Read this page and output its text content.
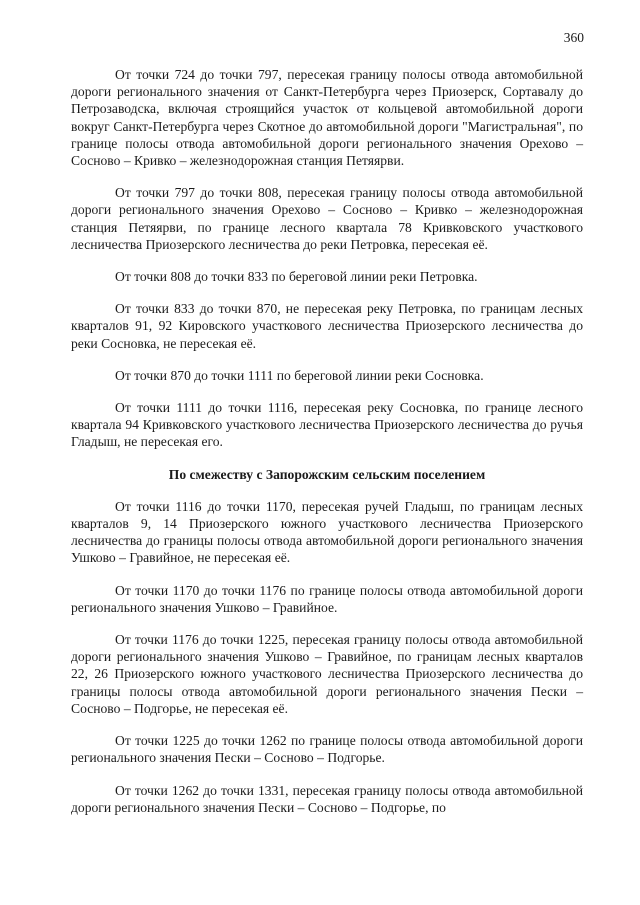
360

От точки 724 до точки 797, пересекая границу полосы отвода автомобильной дороги регионального значения от Санкт-Петербурга через Приозерск, Сортавалу до Петрозаводска, включая строящийся участок от кольцевой автомобильной дороги вокруг Санкт-Петербурга через Скотное до автомобильной дороги "Магистральная", по границе полосы отвода автомобильной дороги регионального значения Орехово – Сосново – Кривко – железнодорожная станция Петяярви.

От точки 797 до точки 808, пересекая границу полосы отвода автомобильной дороги регионального значения Орехово – Сосново – Кривко – железнодорожная станция Петяярви, по границе лесного квартала 78 Кривковского участкового лесничества Приозерского лесничества до реки Петровка, пересекая её.

От точки 808 до точки 833 по береговой линии реки Петровка.

От точки 833 до точки 870, не пересекая реку Петровка, по границам лесных кварталов 91, 92 Кировского участкового лесничества Приозерского лесничества до реки Сосновка, не пересекая её.

От точки 870 до точки 1111 по береговой линии реки Сосновка.

От точки 1111 до точки 1116, пересекая реку Сосновка, по границе лесного квартала 94 Кривковского участкового лесничества Приозерского лесничества до ручья Гладыш, не пересекая его.

По смежеству с Запорожским сельским поселением

От точки 1116 до точки 1170, пересекая ручей Гладыш, по границам лесных кварталов 9, 14 Приозерского южного участкового лесничества Приозерского лесничества до границы полосы отвода автомобильной дороги регионального значения Ушково – Гравийное, не пересекая её.

От точки 1170 до точки 1176 по границе полосы отвода автомобильной дороги регионального значения Ушково – Гравийное.

От точки 1176 до точки 1225, пересекая границу полосы отвода автомобильной дороги регионального значения Ушково – Гравийное, по границам лесных кварталов 22, 26 Приозерского южного участкового лесничества Приозерского лесничества до границы полосы отвода автомобильной дороги регионального значения Пески – Сосново – Подгорье, не пересекая её.

От точки 1225 до точки 1262 по границе полосы отвода автомобильной дороги регионального значения Пески – Сосново – Подгорье.

От точки 1262 до точки 1331, пересекая границу полосы отвода автомобильной дороги регионального значения Пески – Сосново – Подгорье, по
